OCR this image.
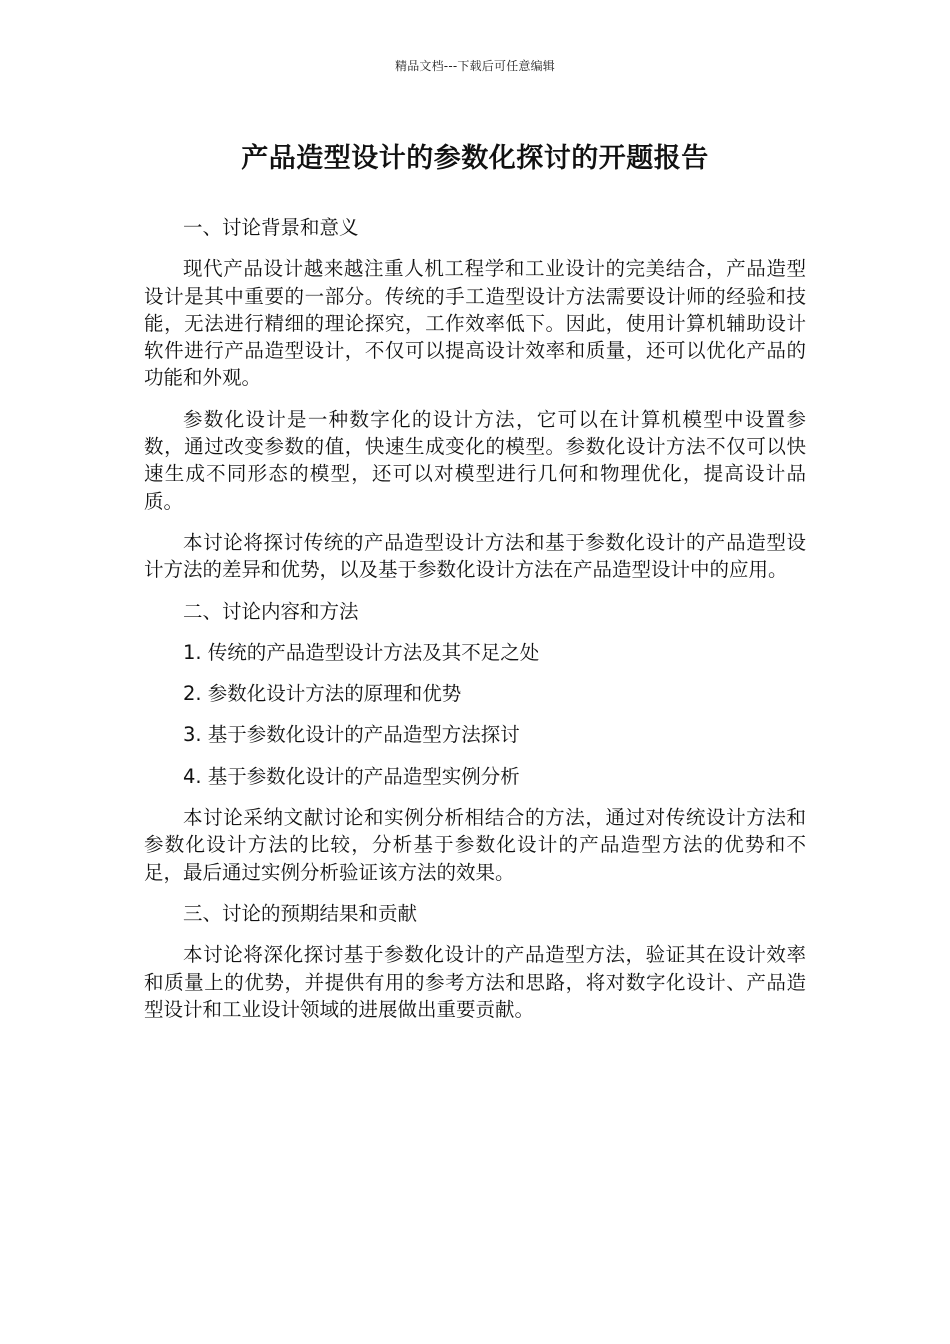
精品文档---下载后可任意编辑
产品造型设计的参数化探讨的开题报告

一、讨论背景和意义

现代产品设计越来越注重人机工程学和工业设计的完美结合，产品造型设计是其中重要的一部分。传统的手工造型设计方法需要设计师的经验和技能，无法进行精细的理论探究，工作效率低下。因此，使用计算机辅助设计软件进行产品造型设计，不仅可以提高设计效率和质量，还可以优化产品的功能和外观。

参数化设计是一种数字化的设计方法，它可以在计算机模型中设置参数，通过改变参数的值，快速生成变化的模型。参数化设计方法不仅可以快速生成不同形态的模型，还可以对模型进行几何和物理优化，提高设计品质。

本讨论将探讨传统的产品造型设计方法和基于参数化设计的产品造型设计方法的差异和优势，以及基于参数化设计方法在产品造型设计中的应用。

二、讨论内容和方法

1. 传统的产品造型设计方法及其不足之处

2. 参数化设计方法的原理和优势

3. 基于参数化设计的产品造型方法探讨

4. 基于参数化设计的产品造型实例分析

本讨论采纳文献讨论和实例分析相结合的方法，通过对传统设计方法和参数化设计方法的比较，分析基于参数化设计的产品造型方法的优势和不足，最后通过实例分析验证该方法的效果。

三、讨论的预期结果和贡献

本讨论将深化探讨基于参数化设计的产品造型方法，验证其在设计效率和质量上的优势，并提供有用的参考方法和思路，将对数字化设计、产品造型设计和工业设计领域的进展做出重要贡献。
